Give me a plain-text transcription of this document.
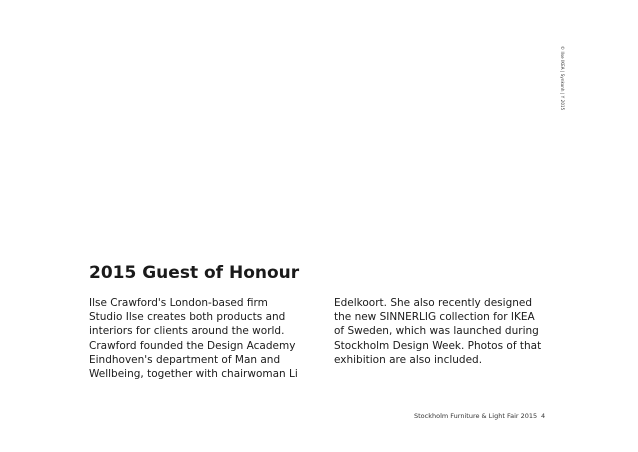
© Ilse IKEA | Synkonh | Y 2015
2015 Guest of Honour

Ilse Crawford's London-based firm
Studio Ilse creates both products and
interiors for clients around the world.
Crawford founded the Design Academy
Eindhoven's department of Man and
Wellbeing, together with chairwoman Li

Edelkoort. She also recently designed
the new SINNERLIG collection for IKEA
of Sweden, which was launched during
Stockholm Design Week. Photos of that
exhibition are also included.

Stockholm Furniture & Light Fair 2015 4
